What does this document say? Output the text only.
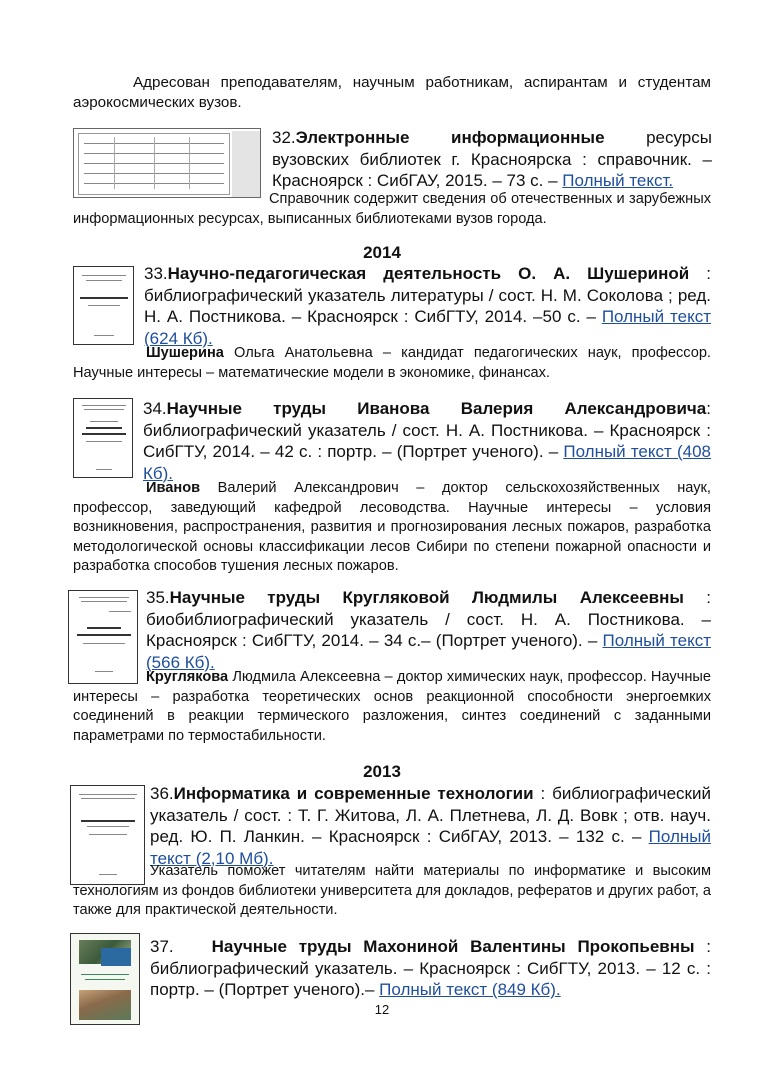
Адресован преподавателям, научным работникам, аспирантам и студентам аэрокосмических вузов.
32.Электронные информационные ресурсы вузовских библиотек г. Красноярска : справочник. – Красноярск : СибГАУ, 2015. – 73 с. – Полный текст.
Справочник содержит сведения об отечественных и зарубежных информационных ресурсах, выписанных библиотеками вузов города.
2014
33.Научно-педагогическая деятельность О. А. Шушериной : библиографический указатель литературы / сост. Н. М. Соколова ; ред. Н. А. Постникова. – Красноярск : СибГТУ, 2014. –50 с. – Полный текст (624 Кб).
Шушерина Ольга Анатольевна – кандидат педагогических наук, профессор. Научные интересы – математические модели в экономике, финансах.
34.Научные труды Иванова Валерия Александровича: библиографический указатель / сост. Н. А. Постникова. – Красноярск : СибГТУ, 2014. – 42 с. : портр. – (Портрет ученого). – Полный текст (408 Кб).
Иванов Валерий Александрович – доктор сельскохозяйственных наук, профессор, заведующий кафедрой лесоводства. Научные интересы – условия возникновения, распространения, развития и прогнозирования лесных пожаров, разработка методологической основы классификации лесов Сибири по степени пожарной опасности и разработка способов тушения лесных пожаров.
35.Научные труды Кругляковой Людмилы Алексеевны : биобиблиографический указатель / сост. Н. А. Постникова. – Красноярск : СибГТУ, 2014. – 34 с.– (Портрет ученого). – Полный текст (566 Кб).
Круглякова Людмила Алексеевна – доктор химических наук, профессор. Научные интересы – разработка теоретических основ реакционной способности энергоемких соединений в реакции термического разложения, синтез соединений с заданными параметрами по термостабильности.
2013
36.Информатика и современные технологии : библиографический указатель / сост. : Т. Г. Житова, Л. А. Плетнева, Л. Д. Вовк ; отв. науч. ред. Ю. П. Ланкин. – Красноярск : СибГАУ, 2013. – 132 с. – Полный текст (2,10 Мб).
Указатель поможет читателям найти материалы по информатике и высоким технологиям из фондов библиотеки университета для докладов, рефератов и других работ, а также для практической деятельности.
37. Научные труды Махониной Валентины Прокопьевны : библиографический указатель. – Красноярск : СибГТУ, 2013. – 12 с. : портр. – (Портрет ученого).– Полный текст (849 Кб).
12
